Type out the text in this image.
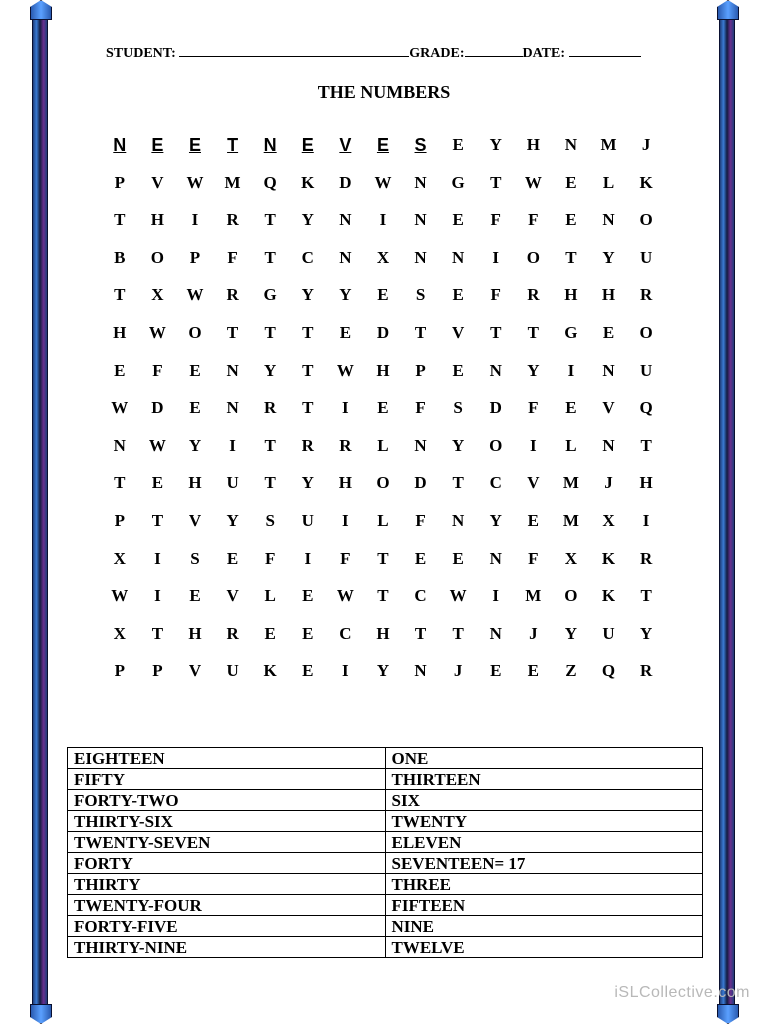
STUDENT:	GRADE:	DATE:
THE NUMBERS
N	E	E	T	N	E	V	E	S	E	Y	H	N	M	J
P	V	W	M	Q	K	D	W	N	G	T	W	E	L	K
T	H	I	R	T	Y	N	I	N	E	F	F	E	N	O
B	O	P	F	T	C	N	X	N	N	I	O	T	Y	U
T	X	W	R	G	Y	Y	E	S	E	F	R	H	H	R
H	W	O	T	T	T	E	D	T	V	T	T	G	E	O
E	F	E	N	Y	T	W	H	P	E	N	Y	I	N	U
W	D	E	N	R	T	I	E	F	S	D	F	E	V	Q
N	W	Y	I	T	R	R	L	N	Y	O	I	L	N	T
T	E	H	U	T	Y	H	O	D	T	C	V	M	J	H
P	T	V	Y	S	U	I	L	F	N	Y	E	M	X	I
X	I	S	E	F	I	F	T	E	E	N	F	X	K	R
W	I	E	V	L	E	W	T	C	W	I	M	O	K	T
X	T	H	R	E	E	C	H	T	T	N	J	Y	U	Y
P	P	V	U	K	E	I	Y	N	J	E	E	Z	Q	R
EIGHTEEN	ONE
FIFTY	THIRTEEN
FORTY-TWO	SIX
THIRTY-SIX	TWENTY
TWENTY-SEVEN	ELEVEN
FORTY	SEVENTEEN= 17
THIRTY	THREE
TWENTY-FOUR	FIFTEEN
FORTY-FIVE	NINE
THIRTY-NINE	TWELVE
iSLCollective.com
